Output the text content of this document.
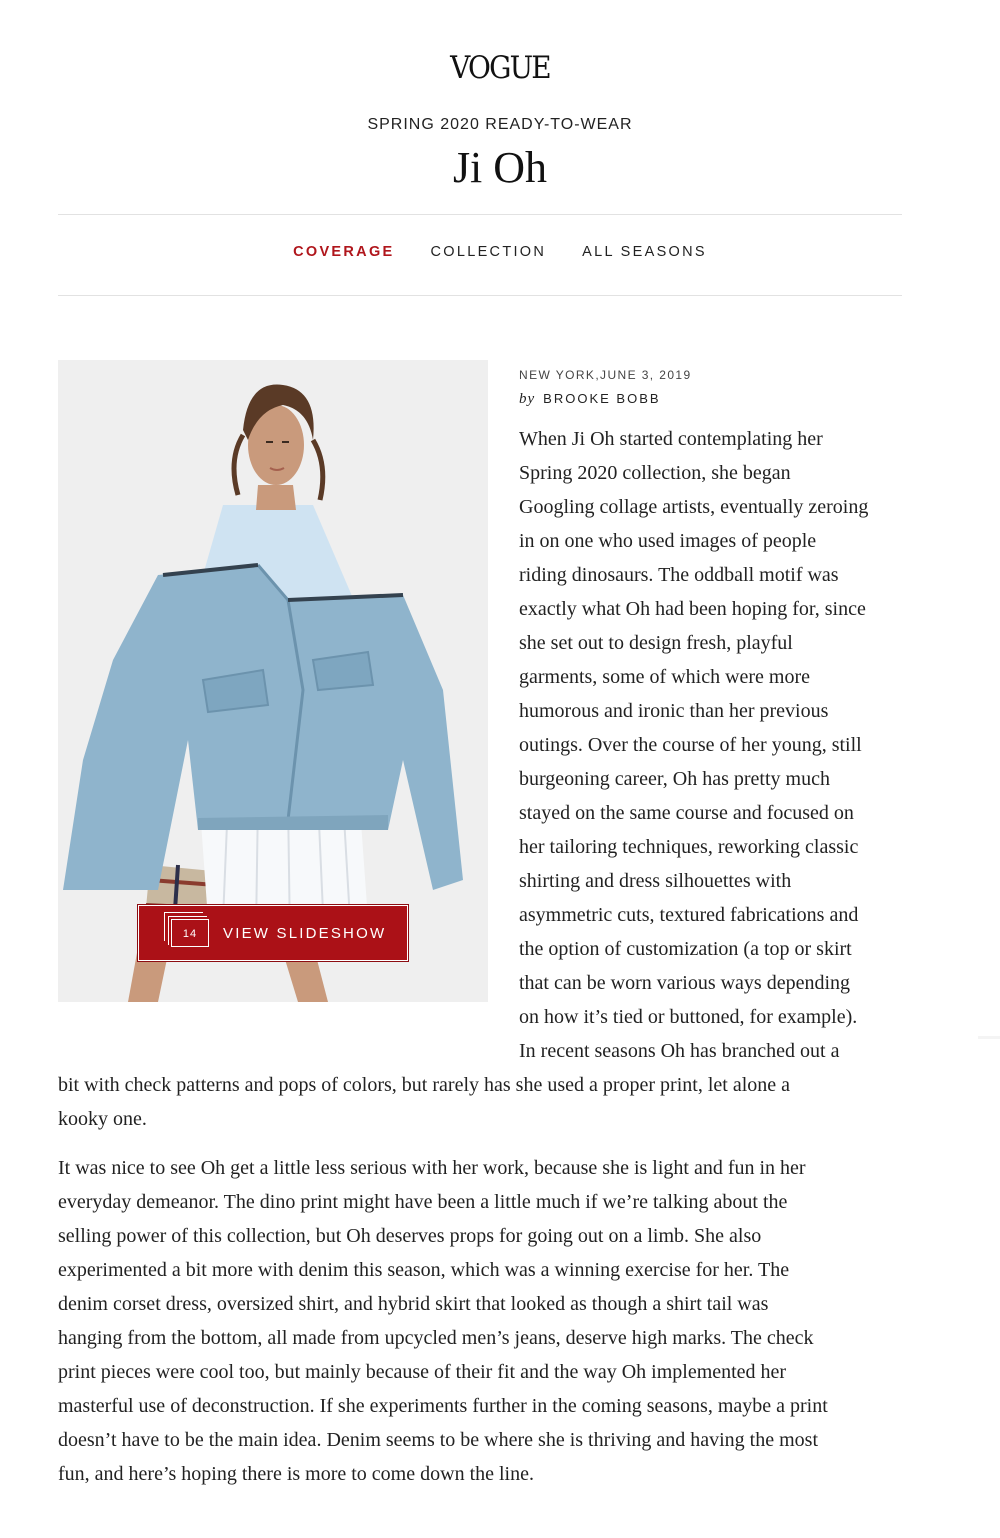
VOGUE
SPRING 2020 READY-TO-WEAR
Ji Oh
COVERAGE COLLECTION ALL SEASONS
14	VIEW SLIDESHOW
NEW YORK,JUNE 3, 2019
by BROOKE BOBB
When Ji Oh started contemplating her
Spring 2020 collection, she began
Googling collage artists, eventually zeroing
in on one who used images of people
riding dinosaurs. The oddball motif was
exactly what Oh had been hoping for, since
she set out to design fresh, playful
garments, some of which were more
humorous and ironic than her previous
outings. Over the course of her young, still
burgeoning career, Oh has pretty much
stayed on the same course and focused on
her tailoring techniques, reworking classic
shirting and dress silhouettes with
asymmetric cuts, textured fabrications and
the option of customization (a top or skirt
that can be worn various ways depending
on how it’s tied or buttoned, for example).
In recent seasons Oh has branched out a
bit with check patterns and pops of colors, but rarely has she used a proper print, let alone a
kooky one.
It was nice to see Oh get a little less serious with her work, because she is light and fun in her
everyday demeanor. The dino print might have been a little much if we’re talking about the
selling power of this collection, but Oh deserves props for going out on a limb. She also
experimented a bit more with denim this season, which was a winning exercise for her. The
denim corset dress, oversized shirt, and hybrid skirt that looked as though a shirt tail was
hanging from the bottom, all made from upcycled men’s jeans, deserve high marks. The check
print pieces were cool too, but mainly because of their fit and the way Oh implemented her
masterful use of deconstruction. If she experiments further in the coming seasons, maybe a print
doesn’t have to be the main idea. Denim seems to be where she is thriving and having the most
fun, and here’s hoping there is more to come down the line.
